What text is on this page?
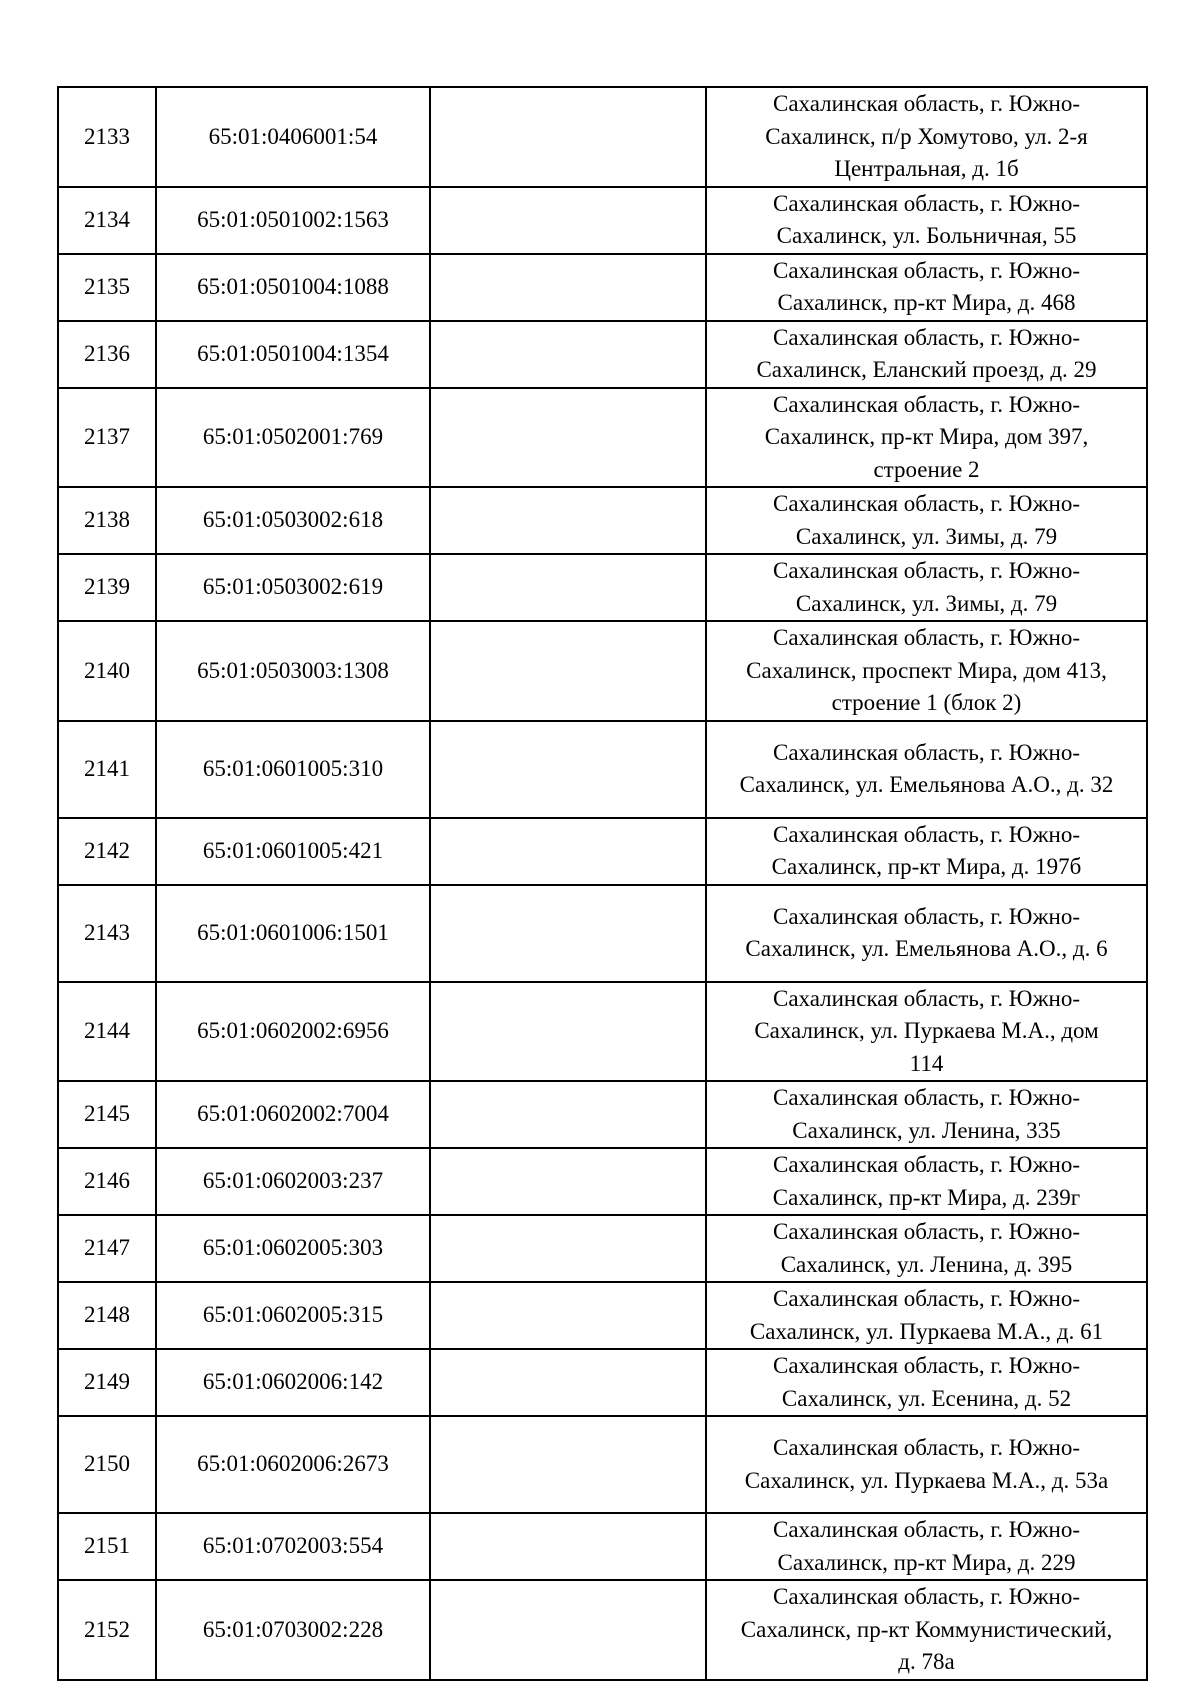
2133	65:01:0406001:54		Сахалинская область, г. Южно-
Сахалинск, п/р Хомутово, ул. 2-я
Центральная, д. 1б

2134	65:01:0501002:1563		Сахалинская область, г. Южно-
Сахалинск, ул. Больничная, 55

2135	65:01:0501004:1088		Сахалинская область, г. Южно-
Сахалинск, пр-кт Мира, д. 468

2136	65:01:0501004:1354		Сахалинская область, г. Южно-
Сахалинск, Еланский проезд, д. 29

2137	65:01:0502001:769		Сахалинская область, г. Южно-
Сахалинск, пр-кт Мира, дом 397,
строение 2

2138	65:01:0503002:618		Сахалинская область, г. Южно-
Сахалинск, ул. Зимы, д. 79

2139	65:01:0503002:619		Сахалинская область, г. Южно-
Сахалинск, ул. Зимы, д. 79

2140	65:01:0503003:1308		Сахалинская область, г. Южно-
Сахалинск, проспект Мира, дом 413,
строение 1 (блок 2)

2141	65:01:0601005:310		Сахалинская область, г. Южно-
Сахалинск, ул. Емельянова А.О., д. 32

2142	65:01:0601005:421		Сахалинская область, г. Южно-
Сахалинск, пр-кт Мира, д. 197б

2143	65:01:0601006:1501		Сахалинская область, г. Южно-
Сахалинск, ул. Емельянова А.О., д. 6

2144	65:01:0602002:6956		Сахалинская область, г. Южно-
Сахалинск, ул. Пуркаева М.А., дом
114

2145	65:01:0602002:7004		Сахалинская область, г. Южно-
Сахалинск, ул. Ленина, 335

2146	65:01:0602003:237		Сахалинская область, г. Южно-
Сахалинск, пр-кт Мира, д. 239г

2147	65:01:0602005:303		Сахалинская область, г. Южно-
Сахалинск, ул. Ленина, д. 395

2148	65:01:0602005:315		Сахалинская область, г. Южно-
Сахалинск, ул. Пуркаева М.А., д. 61

2149	65:01:0602006:142		Сахалинская область, г. Южно-
Сахалинск, ул. Есенина, д. 52

2150	65:01:0602006:2673		Сахалинская область, г. Южно-
Сахалинск, ул. Пуркаева М.А., д. 53а

2151	65:01:0702003:554		Сахалинская область, г. Южно-
Сахалинск, пр-кт Мира, д. 229

2152	65:01:0703002:228		Сахалинская область, г. Южно-
Сахалинск, пр-кт Коммунистический,
д. 78а
